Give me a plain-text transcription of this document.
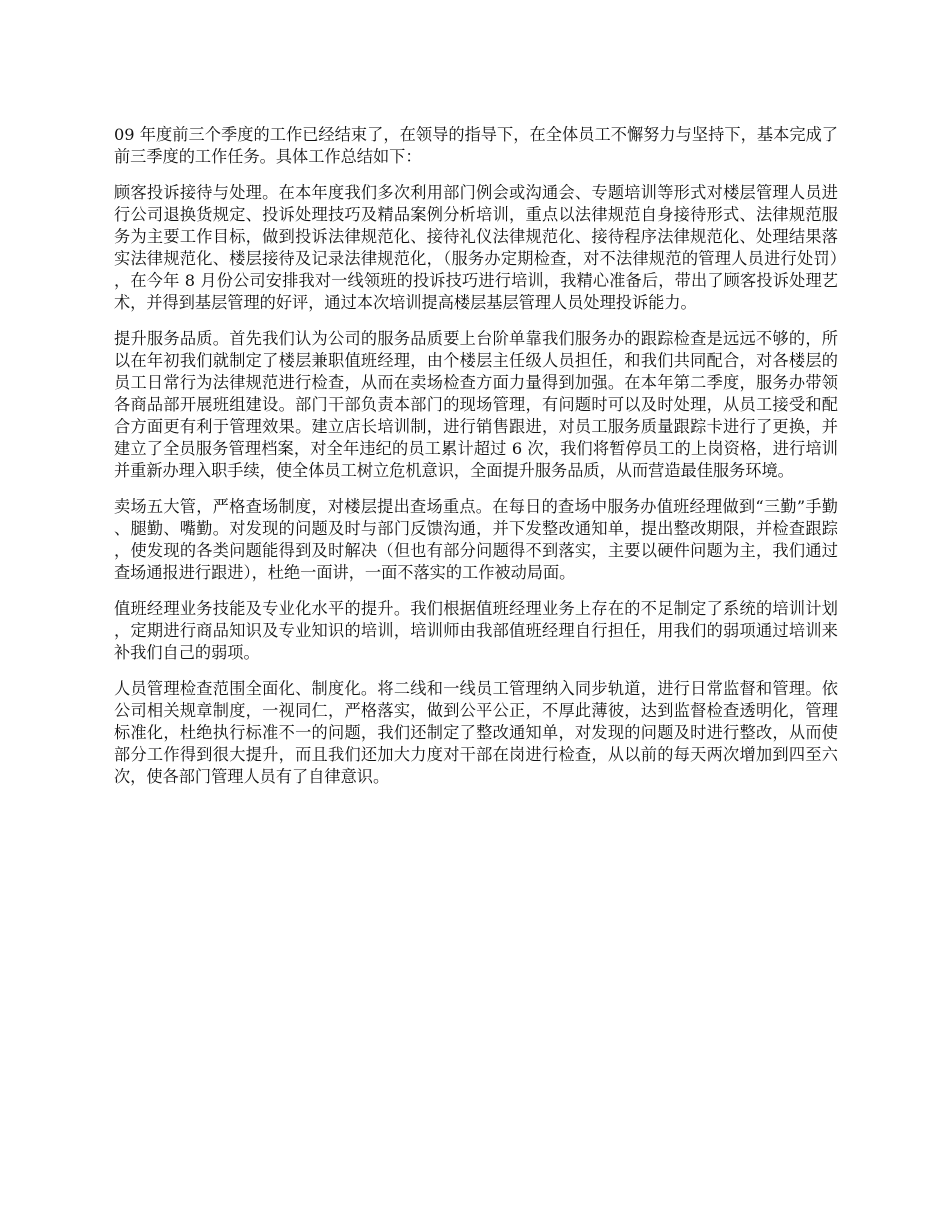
09 年度前三个季度的工作已经结束了，在领导的指导下，在全体员工不懈努力与坚持下，基本完成了前三季度的工作任务。具体工作总结如下：

顾客投诉接待与处理。在本年度我们多次利用部门例会或沟通会、专题培训等形式对楼层管理人员进行公司退换货规定、投诉处理技巧及精品案例分析培训，重点以法律规范自身接待形式、法律规范服务为主要工作目标，做到投诉法律规范化、接待礼仪法律规范化、接待程序法律规范化、处理结果落实法律规范化、楼层接待及记录法律规范化，（服务办定期检查，对不法律规范的管理人员进行处罚），在今年 8 月份公司安排我对一线领班的投诉技巧进行培训，我精心准备后，带出了顾客投诉处理艺术，并得到基层管理的好评，通过本次培训提高楼层基层管理人员处理投诉能力。

提升服务品质。首先我们认为公司的服务品质要上台阶单靠我们服务办的跟踪检查是远远不够的，所以在年初我们就制定了楼层兼职值班经理，由个楼层主任级人员担任，和我们共同配合，对各楼层的员工日常行为法律规范进行检查，从而在卖场检查方面力量得到加强。在本年第二季度，服务办带领各商品部开展班组建设。部门干部负责本部门的现场管理，有问题时可以及时处理，从员工接受和配合方面更有利于管理效果。建立店长培训制，进行销售跟进，对员工服务质量跟踪卡进行了更换，并建立了全员服务管理档案，对全年违纪的员工累计超过 6 次，我们将暂停员工的上岗资格，进行培训并重新办理入职手续，使全体员工树立危机意识，全面提升服务品质，从而营造最佳服务环境。

卖场五大管，严格查场制度，对楼层提出查场重点。在每日的查场中服务办值班经理做到“三勤”手勤、腿勤、嘴勤。对发现的问题及时与部门反馈沟通，并下发整改通知单，提出整改期限，并检查跟踪，使发现的各类问题能得到及时解决（但也有部分问题得不到落实，主要以硬件问题为主，我们通过查场通报进行跟进），杜绝一面讲，一面不落实的工作被动局面。

值班经理业务技能及专业化水平的提升。我们根据值班经理业务上存在的不足制定了系统的培训计划，定期进行商品知识及专业知识的培训，培训师由我部值班经理自行担任，用我们的弱项通过培训来补我们自己的弱项。

人员管理检查范围全面化、制度化。将二线和一线员工管理纳入同步轨道，进行日常监督和管理。依公司相关规章制度，一视同仁，严格落实，做到公平公正，不厚此薄彼，达到监督检查透明化，管理标准化，杜绝执行标准不一的问题，我们还制定了整改通知单，对发现的问题及时进行整改，从而使部分工作得到很大提升，而且我们还加大力度对干部在岗进行检查，从以前的每天两次增加到四至六次，使各部门管理人员有了自律意识。
